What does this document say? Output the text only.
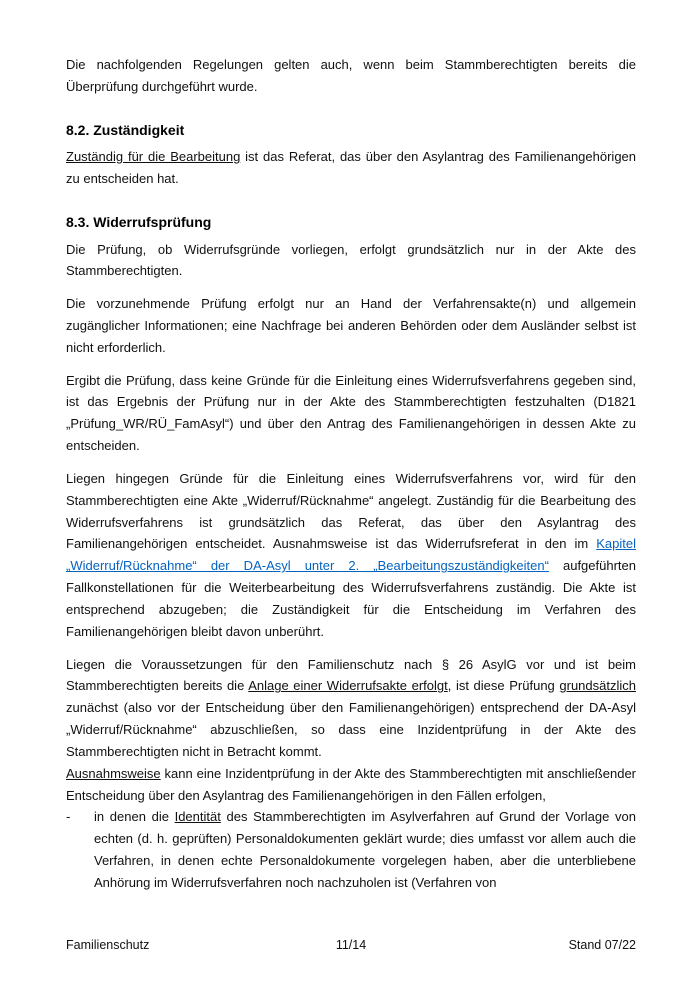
Die nachfolgenden Regelungen gelten auch, wenn beim Stammberechtigten bereits die Überprüfung durchgeführt wurde.

8.2. Zuständigkeit

Zuständig für die Bearbeitung ist das Referat, das über den Asylantrag des Familienangehörigen zu entscheiden hat.

8.3. Widerrufsprüfung

Die Prüfung, ob Widerrufsgründe vorliegen, erfolgt grundsätzlich nur in der Akte des Stammberechtigten.

Die vorzunehmende Prüfung erfolgt nur an Hand der Verfahrensakte(n) und allgemein zugänglicher Informationen; eine Nachfrage bei anderen Behörden oder dem Ausländer selbst ist nicht erforderlich.

Ergibt die Prüfung, dass keine Gründe für die Einleitung eines Widerrufsverfahrens gegeben sind, ist das Ergebnis der Prüfung nur in der Akte des Stammberechtigten festzuhalten (D1821 „Prüfung_WR/RÜ_FamAsyl“) und über den Antrag des Familienangehörigen in dessen Akte zu entscheiden.

Liegen hingegen Gründe für die Einleitung eines Widerrufsverfahrens vor, wird für den Stammberechtigten eine Akte „Widerruf/Rücknahme“ angelegt. Zuständig für die Bearbeitung des Widerrufsverfahrens ist grundsätzlich das Referat, das über den Asylantrag des Familienangehörigen entscheidet. Ausnahmsweise ist das Widerrufsreferat in den im Kapitel „Widerruf/Rücknahme“ der DA-Asyl unter 2. „Bearbeitungszuständigkeiten“ aufgeführten Fallkonstellationen für die Weiterbearbeitung des Widerrufsverfahrens zuständig. Die Akte ist entsprechend abzugeben; die Zuständigkeit für die Entscheidung im Verfahren des Familienangehörigen bleibt davon unberührt.

Liegen die Voraussetzungen für den Familienschutz nach § 26 AsylG vor und ist beim Stammberechtigten bereits die Anlage einer Widerrufsakte erfolgt, ist diese Prüfung grundsätzlich zunächst (also vor der Entscheidung über den Familienangehörigen) entsprechend der DA-Asyl „Widerruf/Rücknahme“ abzuschließen, so dass eine Inzidentprüfung in der Akte des Stammberechtigten nicht in Betracht kommt.

Ausnahmsweise kann eine Inzidentprüfung in der Akte des Stammberechtigten mit anschließender Entscheidung über den Asylantrag des Familienangehörigen in den Fällen erfolgen,

-	in denen die Identität des Stammberechtigten im Asylverfahren auf Grund der Vorlage von echten (d. h. geprüften) Personaldokumenten geklärt wurde; dies umfasst vor allem auch die Verfahren, in denen echte Personaldokumente vorgelegen haben, aber die unterbliebene Anhörung im Widerrufsverfahren noch nachzuholen ist (Verfahren von

Familienschutz	11/14	Stand 07/22
